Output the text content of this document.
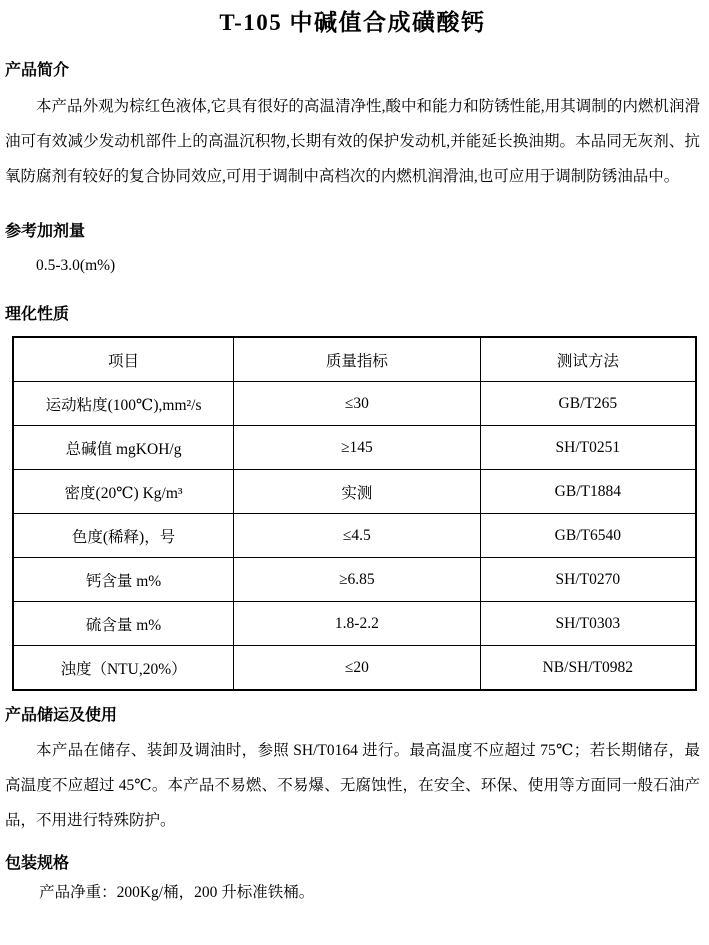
T-105 中碱值合成磺酸钙
产品简介

本产品外观为棕红色液体,它具有很好的高温清净性,酸中和能力和防锈性能,用其调制的内燃机润滑油可有效减少发动机部件上的高温沉积物,长期有效的保护发动机,并能延长换油期。本品同无灰剂、抗氧防腐剂有较好的复合协同效应,可用于调制中高档次的内燃机润滑油,也可应用于调制防锈油品中。

参考加剂量

0.5-3.0(m%)

理化性质
项目	质量指标	测试方法
运动粘度(100℃),mm²/s	≤30	GB/T265
总碱值 mgKOH/g	≥145	SH/T0251
密度(20℃) Kg/m³	实测	GB/T1884
色度(稀释)，号	≤4.5	GB/T6540
钙含量 m%	≥6.85	SH/T0270
硫含量 m%	1.8-2.2	SH/T0303
浊度（NTU,20%）	≤20	NB/SH/T0982
产品储运及使用

本产品在储存、装卸及调油时，参照 SH/T0164 进行。最高温度不应超过 75℃；若长期储存，最高温度不应超过 45℃。本产品不易燃、不易爆、无腐蚀性，在安全、环保、使用等方面同一般石油产品，不用进行特殊防护。

包装规格

产品净重：200Kg/桶，200 升标准铁桶。
